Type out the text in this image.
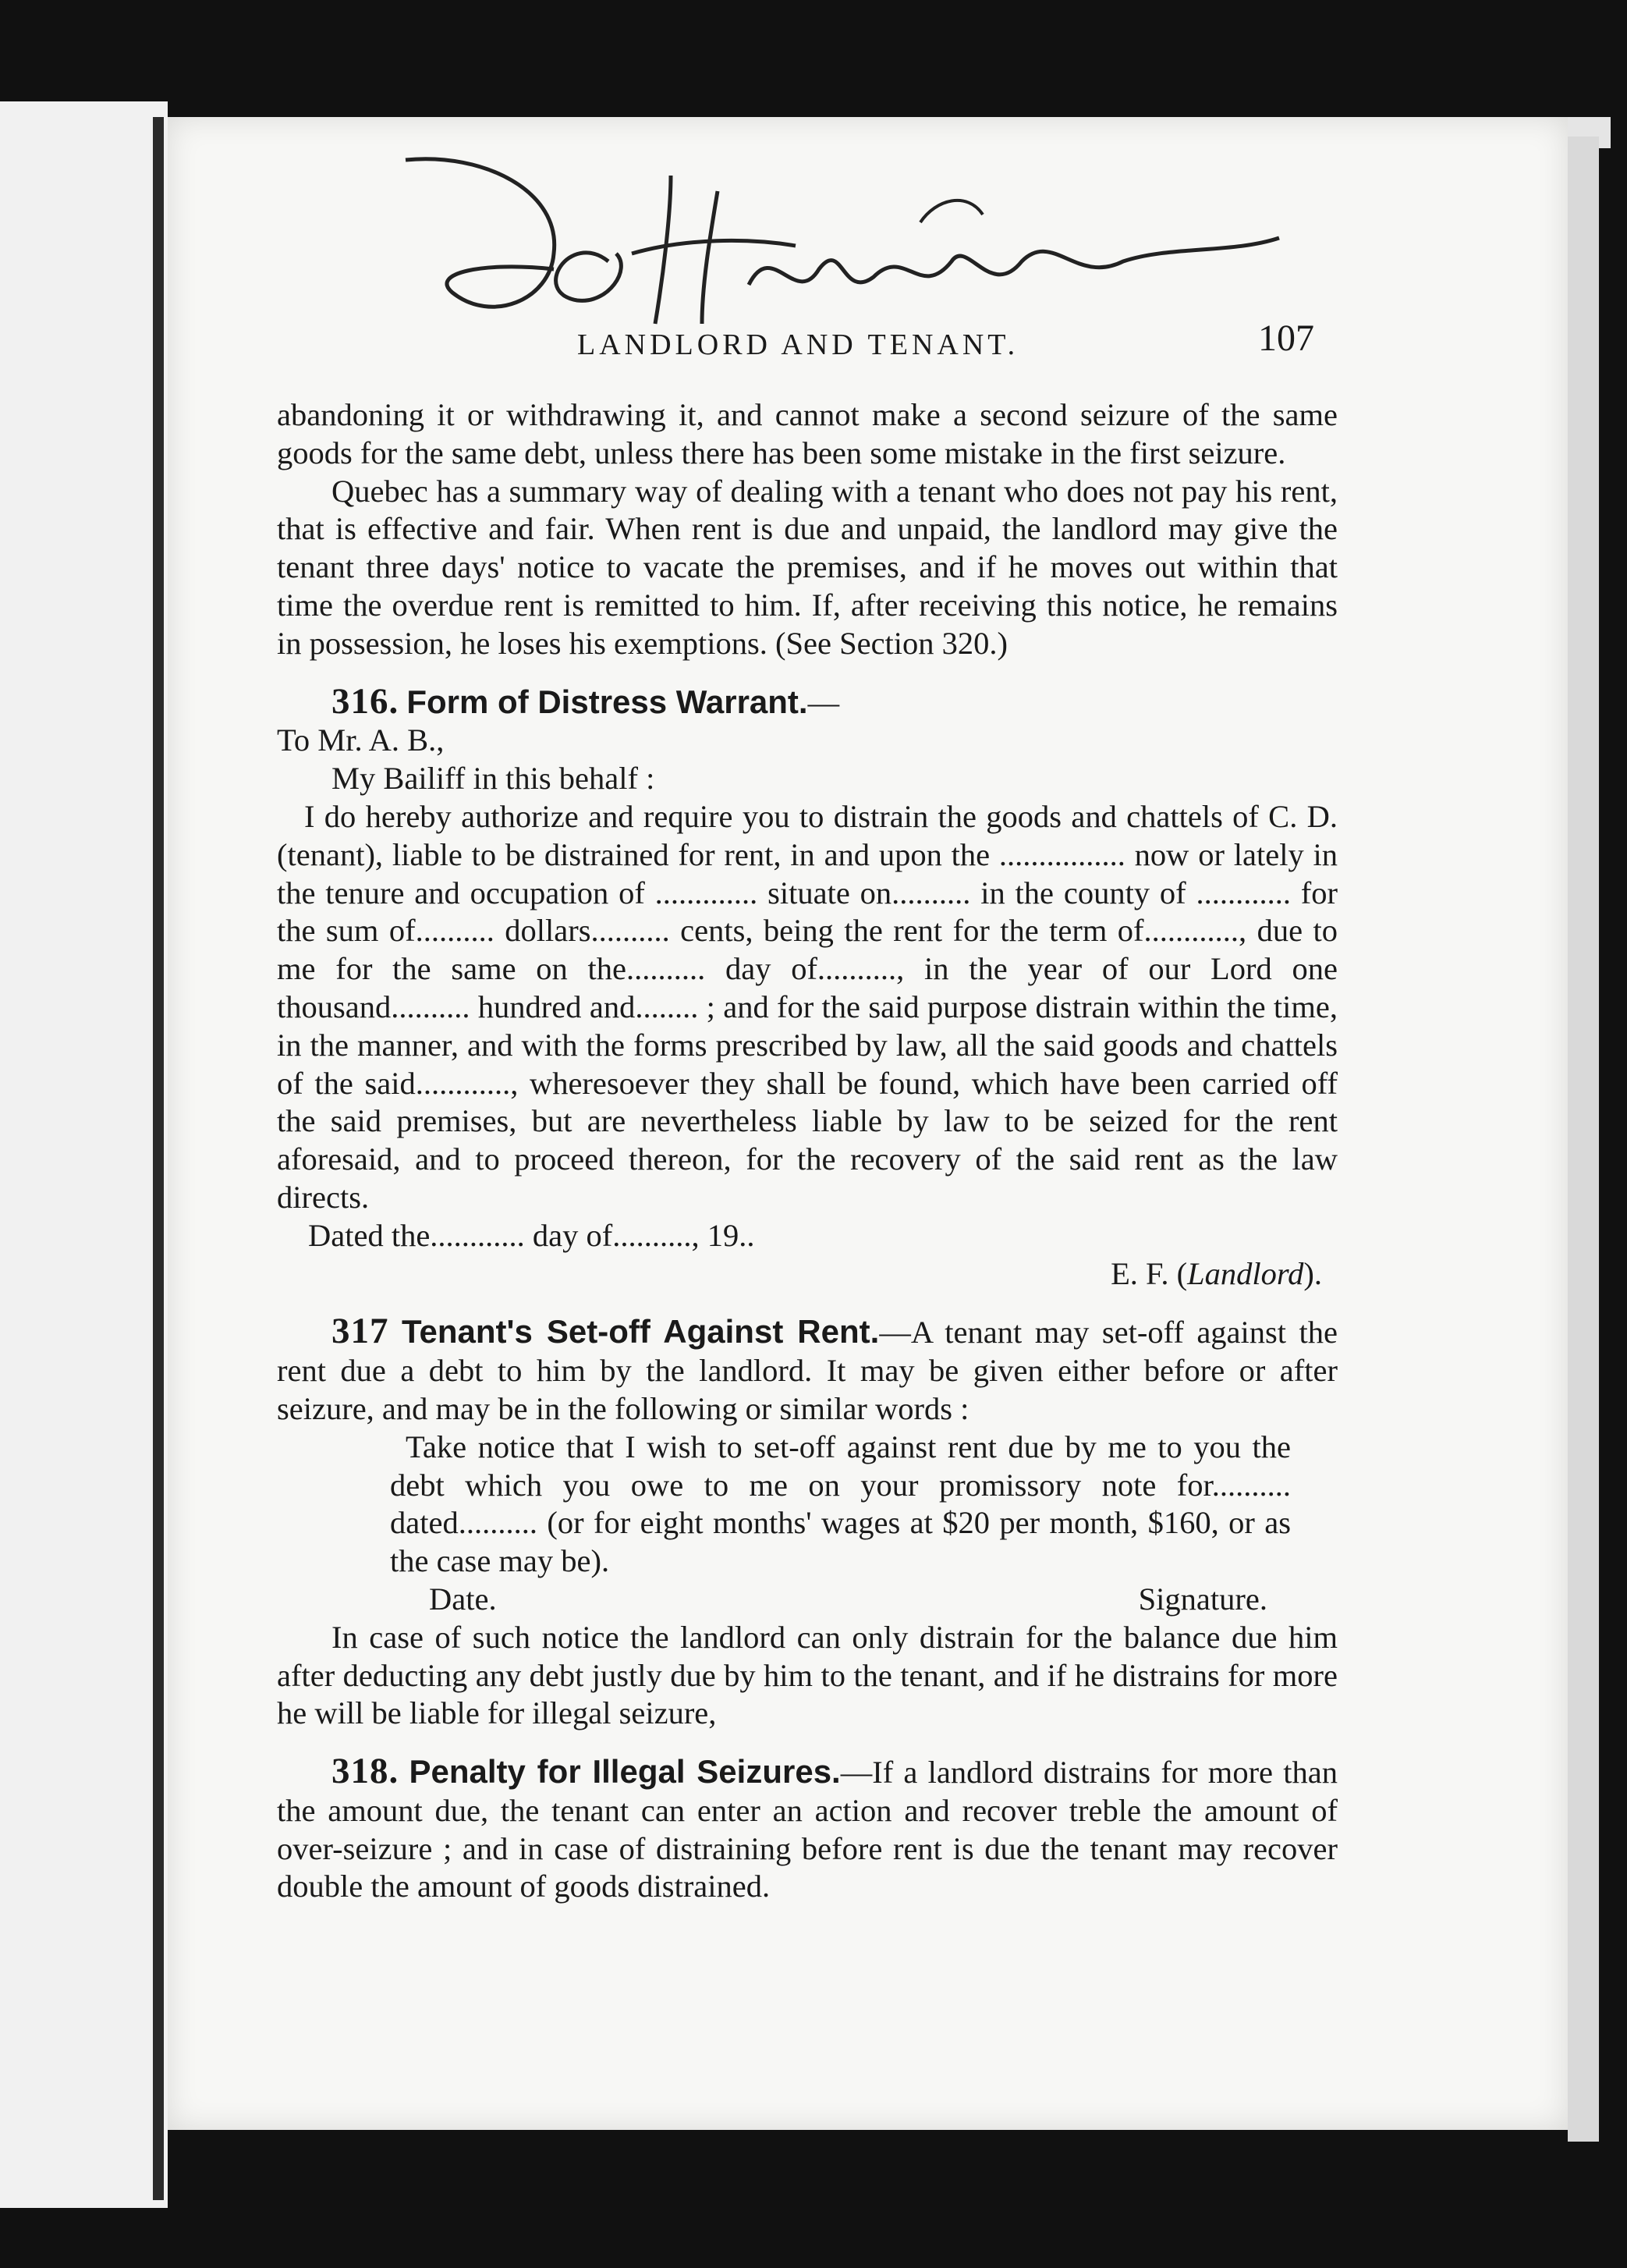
LANDLORD AND TENANT.	107

abandoning it or withdrawing it, and cannot make a second seizure of the same goods for the same debt, unless there has been some mistake in the first seizure.

Quebec has a summary way of dealing with a tenant who does not pay his rent, that is effective and fair. When rent is due and unpaid, the landlord may give the tenant three days' notice to vacate the premises, and if he moves out within that time the overdue rent is remitted to him. If, after receiving this notice, he remains in possession, he loses his exemptions. (See Section 320.)

316. Form of Distress Warrant.—

To Mr. A. B.,

My Bailiff in this behalf :

I do hereby authorize and require you to distrain the goods and chattels of C. D. (tenant), liable to be distrained for rent, in and upon the ................ now or lately in the tenure and occupation of ............. situate on.......... in the county of ............ for the sum of.......... dollars.......... cents, being the rent for the term of............, due to me for the same on the.......... day of.........., in the year of our Lord one thousand.......... hundred and........ ; and for the said purpose distrain within the time, in the manner, and with the forms prescribed by law, all the said goods and chattels of the said............, wheresoever they shall be found, which have been carried off the said premises, but are nevertheless liable by law to be seized for the rent aforesaid, and to proceed thereon, for the recovery of the said rent as the law directs.

Dated the............ day of.........., 19..

E. F. (Landlord).

317 Tenant's Set-off Against Rent.—A tenant may set-off against the rent due a debt to him by the landlord. It may be given either before or after seizure, and may be in the following or similar words :

Take notice that I wish to set-off against rent due by me to you the debt which you owe to me on your promissory note for.......... dated.......... (or for eight months' wages at $20 per month, $160, or as the case may be).

Date.	Signature.

In case of such notice the landlord can only distrain for the balance due him after deducting any debt justly due by him to the tenant, and if he distrains for more he will be liable for illegal seizure,

318. Penalty for Illegal Seizures.—If a landlord distrains for more than the amount due, the tenant can enter an action and recover treble the amount of over-seizure ; and in case of distraining before rent is due the tenant may recover double the amount of goods distrained.
